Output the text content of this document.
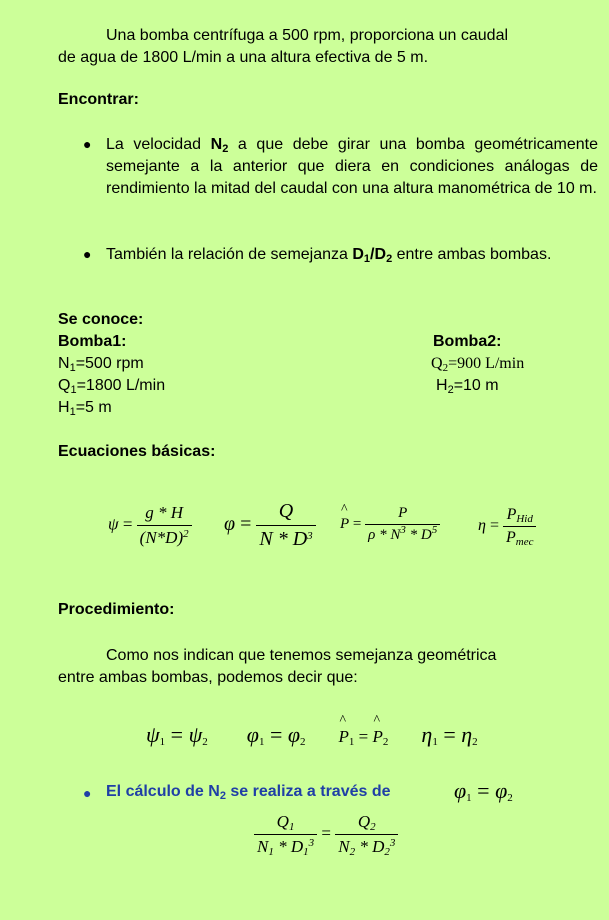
Una bomba centrífuga a 500 rpm, proporciona un caudal
de agua de 1800 L/min a una altura efectiva de 5 m.
Encontrar:
● La velocidad $N_2$ a que debe girar una bomba geométricamente semejante a la anterior que diera en condiciones análogas de rendimiento la mitad del caudal con una altura manométrica de 10 m.
● También la relación de semejanza $D_1/D_2$ entre ambas bombas.
Se conoce:
Bomba1:
$N_1=500$ rpm
$Q_1=1800$ L/min
$H_1=5$ m
Bomba2:
$Q_2=900$ L/min
$H_2=10$ m
Ecuaciones básicas:
$\psi = \frac{g * H}{(N*D)^2}$ $\varphi = \frac{Q}{N * D^3}$ ^ $P = \frac{P}{\rho * N^3 * D^5}$ $\eta = \frac{P_{Hid}}{P_{mec}}$
Procedimiento:
Como nos indican que tenemos semejanza geométrica
entre ambas bombas, podemos decir que:
$\psi_1 = \psi_2$ $\varphi_1 = \varphi_2$ ^ $P_1$ = ^ $P_2$ $\eta_1 = \eta_2$
● El cálculo de $N_2$ se realiza a través de	$\varphi_1 = \varphi_2$
$\frac{Q_1}{N_1 * D_1^3} = \frac{Q_2}{N_2 * D_2^3}$
